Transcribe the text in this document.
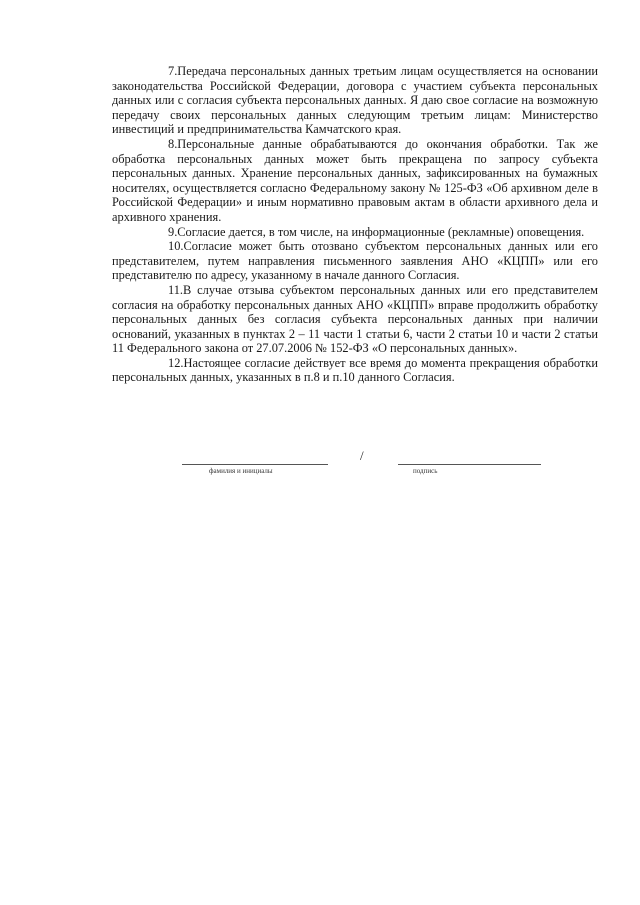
7.Передача персональных данных третьим лицам осуществляется на основании законодательства Российской Федерации, договора с участием субъекта персональных данных или с согласия субъекта персональных данных. Я даю свое согласие на возможную передачу своих персональных данных следующим третьим лицам: Министерство инвестиций и предпринимательства Камчатского края.

8.Персональные данные обрабатываются до окончания обработки. Так же обработка персональных данных может быть прекращена по запросу субъекта персональных данных. Хранение персональных данных, зафиксированных на бумажных носителях, осуществляется согласно Федеральному закону № 125-ФЗ «Об архивном деле в Российской Федерации» и иным нормативно правовым актам в области архивного дела и архивного хранения.

9.Согласие дается, в том числе, на информационные (рекламные) оповещения.

10.Согласие может быть отозвано субъектом персональных данных или его представителем, путем направления письменного заявления АНО «КЦПП» или его представителю по адресу, указанному в начале данного Согласия.

11.В случае отзыва субъектом персональных данных или его представителем согласия на обработку персональных данных АНО «КЦПП» вправе продолжить обработку персональных данных без согласия субъекта персональных данных при наличии оснований, указанных в пунктах 2 – 11 части 1 статьи 6, части 2 статьи 10 и части 2 статьи 11 Федерального закона от 27.07.2006 № 152-ФЗ «О персональных данных».

12.Настоящее согласие действует все время до момента прекращения обработки персональных данных, указанных в п.8 и п.10 данного Согласия.

/
фамилия и инициалы	подпись
